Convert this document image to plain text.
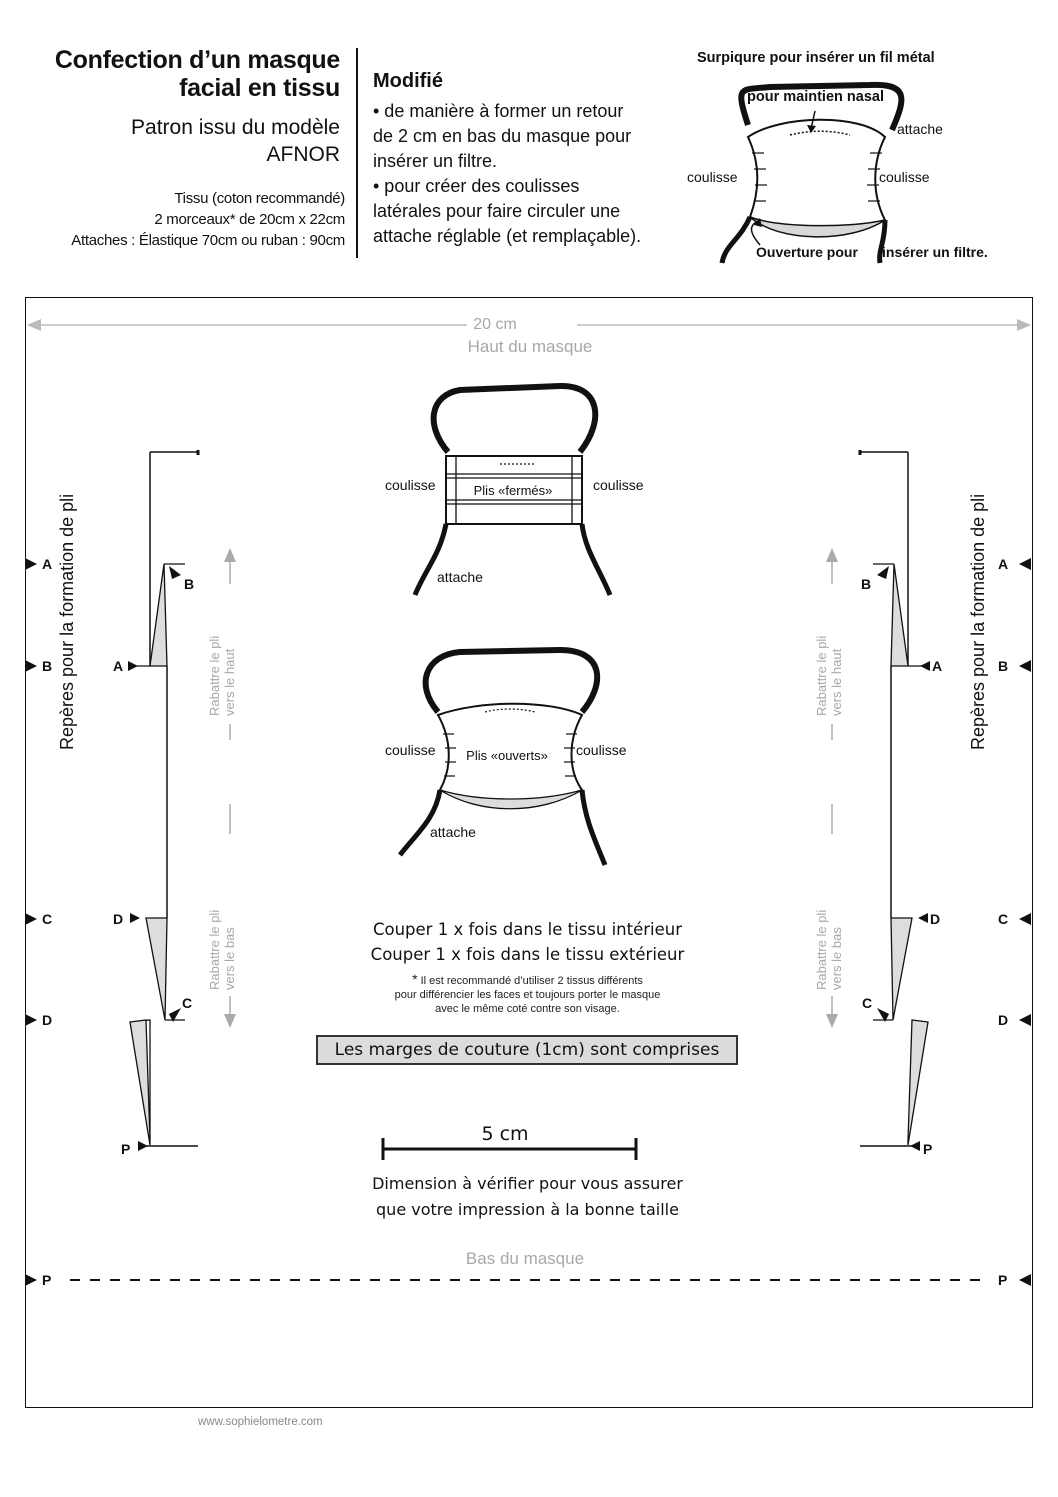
Confection d’un masque
facial en tissu
Patron issu du modèle
AFNOR
Tissu (coton recommandé)
2 morceaux* de 20cm x 22cm
Attaches : Élastique 70cm ou ruban : 90cm
Modifié
• de manière à former un retour
de 2 cm en bas du masque pour
insérer un filtre.
• pour créer des coulisses
latérales pour faire circuler une
attache réglable (et remplaçable).
Surpiqure pour insérer un fil métal
pour maintien nasal
attache
coulisse	coulisse
Ouverture pour insérer un filtre.
20 cm
Haut du masque
Repères pour la formation de pli	Repères pour la formation de pli
A
B
C
D
P
A
B
C
D
P
B
A
D
C
P
B
A
D
C
P
Rabattre le pli
vers le haut
Rabattre le pli
vers le bas
Rabattre le pli
vers le haut
Rabattre le pli
vers le bas
coulisse	coulisse
Plis «fermés»
attache
coulisse	coulisse
Plis «ouverts»
attache
Couper 1 x fois dans le tissu intérieur
Couper 1 x fois dans le tissu extérieur
* Il est recommandé d’utiliser 2 tissus différents
pour différencier les faces et toujours porter le masque
avec le même coté contre son visage.
Les marges de couture (1cm) sont comprises
5 cm
Dimension à vérifier pour vous assurer
que votre impression à la bonne taille
Bas du masque
www.sophielometre.com
